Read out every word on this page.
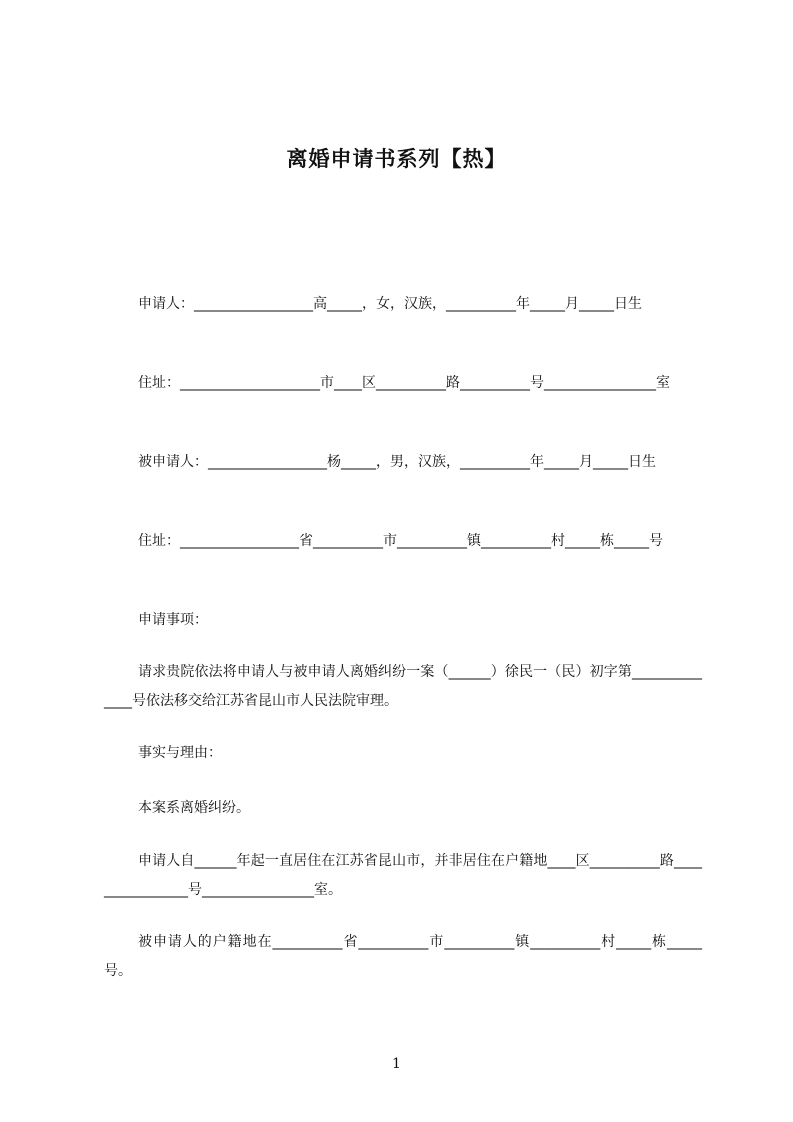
离婚申请书系列【热】
申请人：_________________高_____，女，汉族，__________年_____月_____日生
住址：____________________市____区__________路__________号________________室
被申请人：_________________杨_____，男，汉族，__________年_____月_____日生
住址：_________________省__________市__________镇__________村_____栋_____号
申请事项：
请求贵院依法将申请人与被申请人离婚纠纷一案（______）徐民一（民）初字第______________号依法移交给江苏省昆山市人民法院审理。
事实与理由：
本案系离婚纠纷。
申请人自______年起一直居住在江苏省昆山市，并非居住在户籍地____区__________路________________号________________室。
被申请人的户籍地在__________省__________市__________镇__________村_____栋_____号。
1
